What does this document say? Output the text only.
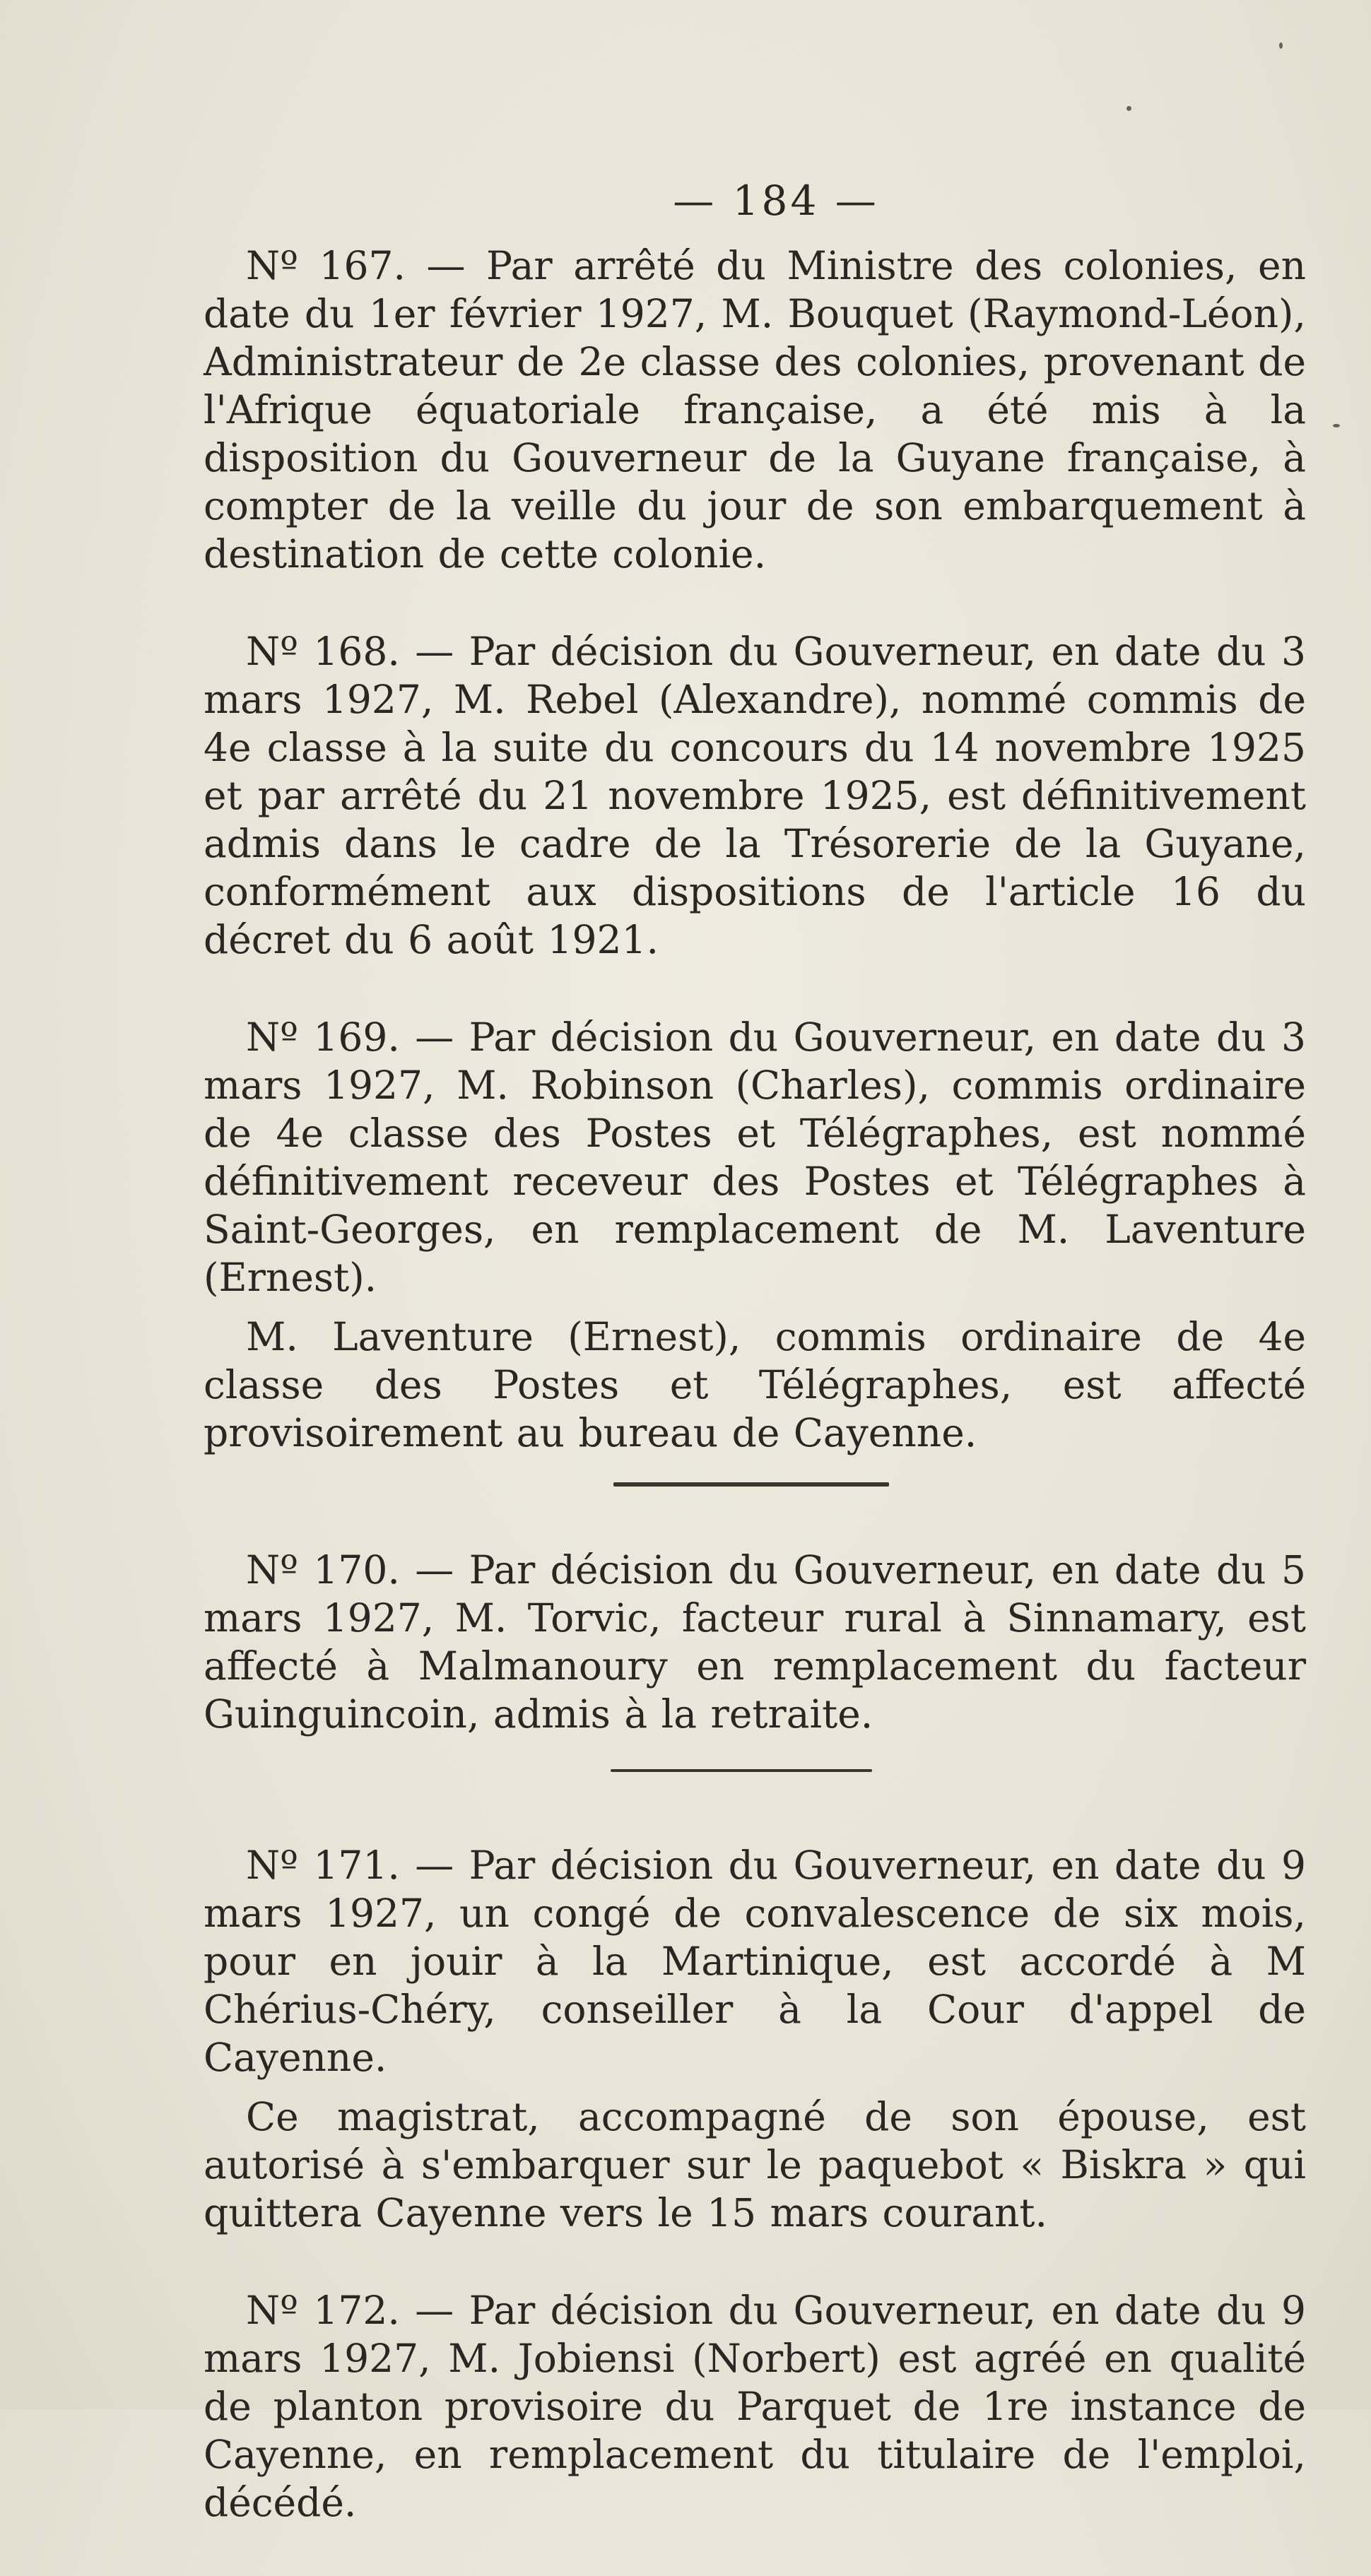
— 184 —

Nº 167. — Par arrêté du Ministre des colonies, en date du 1er février 1927, M. Bouquet (Raymond-Léon), Administrateur de 2e classe des colonies, provenant de l'Afrique équatoriale française, a été mis à la disposition du Gouverneur de la Guyane française, à compter de la veille du jour de son embarquement à destination de cette colonie.

Nº 168. — Par décision du Gouverneur, en date du 3 mars 1927, M. Rebel (Alexandre), nommé commis de 4e classe à la suite du concours du 14 novembre 1925 et par arrêté du 21 novembre 1925, est définitivement admis dans le cadre de la Trésorerie de la Guyane, conformément aux dispositions de l'article 16 du décret du 6 août 1921.

Nº 169. — Par décision du Gouverneur, en date du 3 mars 1927, M. Robinson (Charles), commis ordinaire de 4e classe des Postes et Télégraphes, est nommé définitivement receveur des Postes et Télégraphes à Saint-Georges, en remplacement de M. Laventure (Ernest).

M. Laventure (Ernest), commis ordinaire de 4e classe des Postes et Télégraphes, est affecté provisoirement au bureau de Cayenne.

Nº 170. — Par décision du Gouverneur, en date du 5 mars 1927, M. Torvic, facteur rural à Sinnamary, est affecté à Malmanoury en remplacement du facteur Guinguincoin, admis à la retraite.

Nº 171. — Par décision du Gouverneur, en date du 9 mars 1927, un congé de convalescence de six mois, pour en jouir à la Martinique, est accordé à M Chérius-Chéry, conseiller à la Cour d'appel de Cayenne.

Ce magistrat, accompagné de son épouse, est autorisé à s'embarquer sur le paquebot « Biskra » qui quittera Cayenne vers le 15 mars courant.

Nº 172. — Par décision du Gouverneur, en date du 9 mars 1927, M. Jobiensi (Norbert) est agréé en qualité de planton provisoire du Parquet de 1re instance de Cayenne, en remplacement du titulaire de l'emploi, décédé.
